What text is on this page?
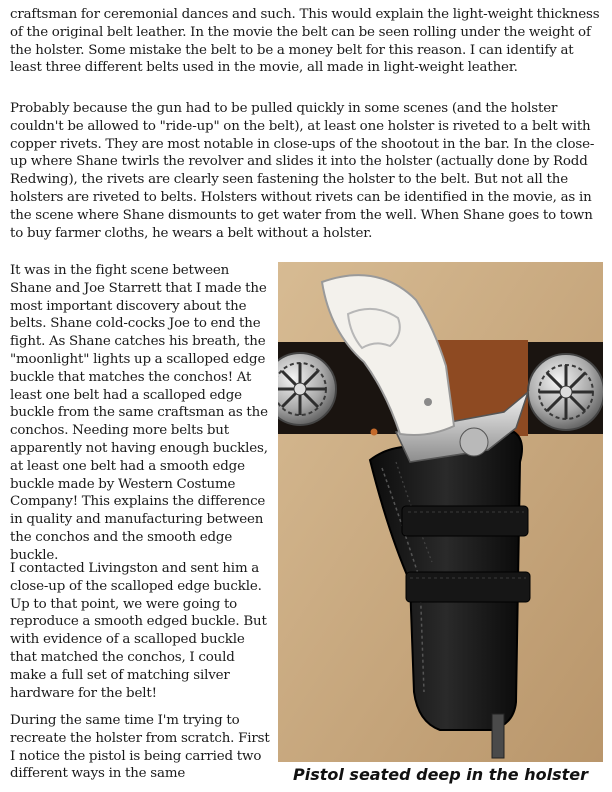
craftsman for ceremonial dances and such. This would explain the light-weight thickness of the original belt leather. In the movie the belt can be seen rolling under the weight of the holster. Some mistake the belt to be a money belt for this reason. I can identify at least three different belts used in the movie, all made in light-weight leather.

Probably because the gun had to be pulled quickly in some scenes (and the holster couldn't be allowed to "ride-up" on the belt), at least one holster is riveted to a belt with copper rivets. They are most notable in close-ups of the shootout in the bar. In the close-up where Shane twirls the revolver and slides it into the holster (actually done by Rodd Redwing), the rivets are clearly seen fastening the holster to the belt. But not all the holsters are riveted to belts. Holsters without rivets can be identified in the movie, as in the scene where Shane dismounts to get water from the well. When Shane goes to town to buy farmer cloths, he wears a belt without a holster.

It was in the fight scene between Shane and Joe Starrett that I made the most important discovery about the belts. Shane cold-cocks Joe to end the fight. As Shane catches his breath, the "moonlight" lights up a scalloped edge buckle that matches the conchos! At least one belt had a scalloped edge buckle from the same craftsman as the conchos. Needing more belts but apparently not having enough buckles, at least one belt had a smooth edge buckle made by Western Costume Company! This explains the difference in quality and manufacturing between the conchos and the smooth edge buckle.

I contacted Livingston and sent him a close-up of the scalloped edge buckle. Up to that point, we were going to reproduce a smooth edged buckle. But with evidence of a scalloped buckle that matched the conchos, I could make a full set of matching silver hardware for the belt!

During the same time I'm trying to recreate the holster from scratch. First I notice the pistol is being carried two different ways in the same	Pistol seated deep in the holster
